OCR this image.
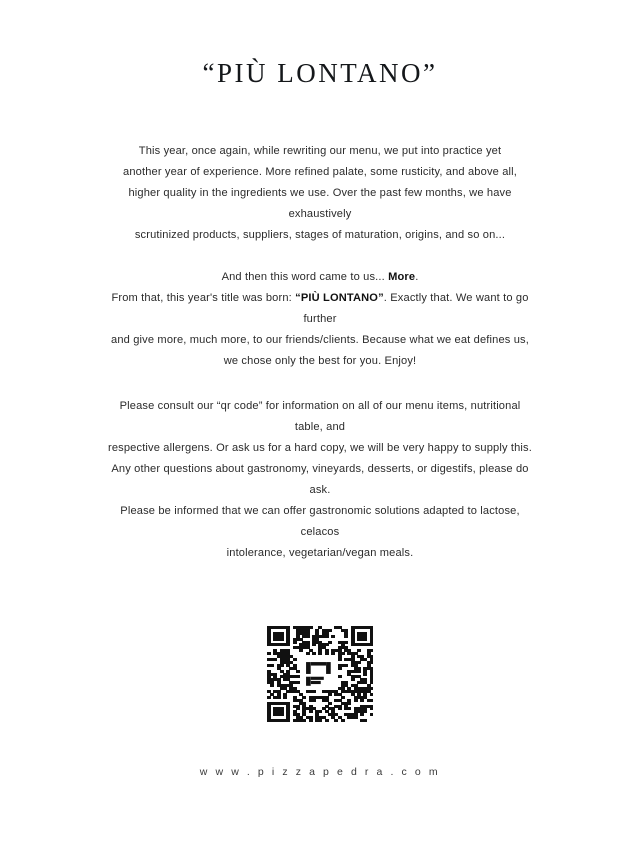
“PIÙ LONTANO”

This year, once again, while rewriting our menu, we put into practice yet
another year of experience. More refined palate, some rusticity, and above all,
higher quality in the ingredients we use. Over the past few months, we have exhaustively
scrutinized products, suppliers, stages of maturation, origins, and so on...

And then this word came to us... More.
From that, this year's title was born: “PIÙ LONTANO”. Exactly that. We want to go further
and give more, much more, to our friends/clients. Because what we eat defines us,
we chose only the best for you. Enjoy!

Please consult our “qr code” for information on all of our menu items, nutritional table, and
respective allergens. Or ask us for a hard copy, we will be very happy to supply this.
Any other questions about gastronomy, vineyards, desserts, or digestifs, please do ask.
Please be informed that we can offer gastronomic solutions adapted to lactose, celacos
intolerance, vegetarian/vegan meals.

w w w . p i z z a p e d r a . c o m
